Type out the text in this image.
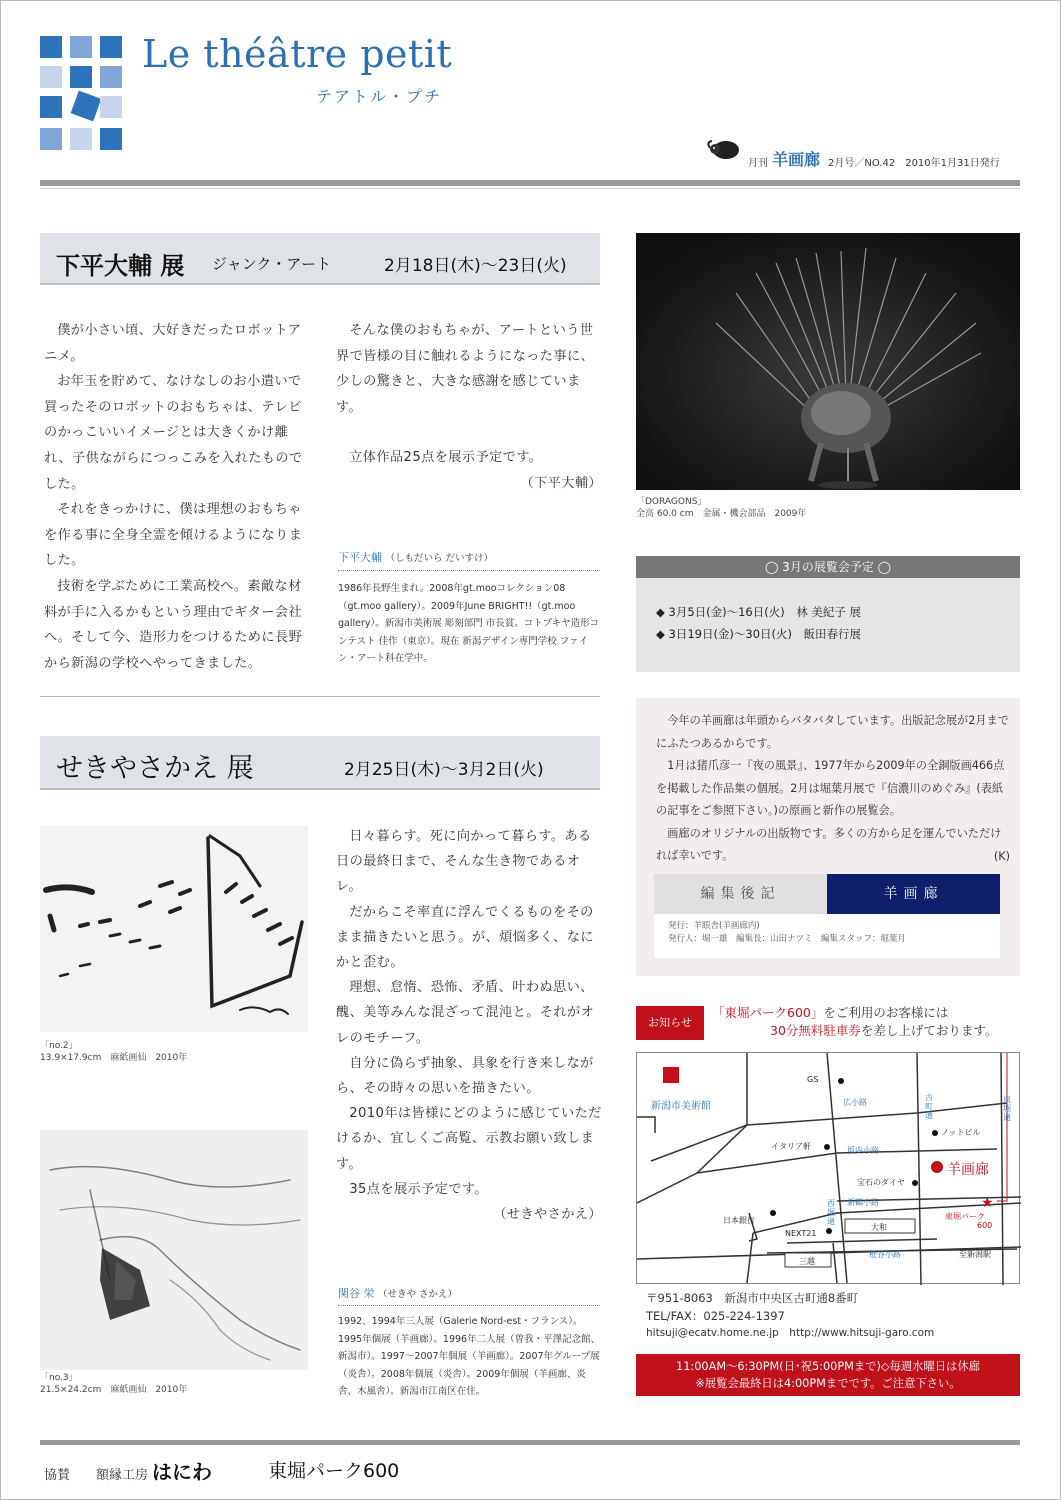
Le théâtre petit
テアトル・プチ
月刊 羊画廊 2月号／NO.42　2010年1月31日発行
下平大輔 展 ジャンク・アート	2月18日(木)〜23日(火)

僕が小さい頃、大好きだったロボットアニメ。

お年玉を貯めて、なけなしのお小遣いで買ったそのロボットのおもちゃは、テレビのかっこいいイメージとは大きくかけ離れ、子供ながらにつっこみを入れたものでした。

それをきっかけに、僕は理想のおもちゃを作る事に全身全霊を傾けるようになりました。

技術を学ぶために工業高校へ。素敵な材料が手に入るかもという理由でギター会社へ。そして今、造形力をつけるために長野から新潟の学校へやってきました。

そんな僕のおもちゃが、アートという世界で皆様の目に触れるようになった事に、少しの驚きと、大きな感謝を感じています。

立体作品25点を展示予定です。

（下平大輔）

下平大輔 （しもだいら だいすけ）
1986年長野生まれ。2008年gt.mooコレクション08（gt.moo gallery）。2009年June BRIGHT!!（gt.moo gallery）。新潟市美術展 彫刻部門 市長賞。コトブキヤ造形コンテスト 佳作（東京）。現在 新潟デザイン専門学校 ファイン・アート科在学中。
「DORAGONS」
全高 60.0 cm　金属・機会部品　2009年
◯ 3月の展覧会予定 ◯
◆ 3月5日(金)〜16日(火)　林 美紀子 展
◆ 3日19日(金)〜30日(火)　飯田春行展
せきやさかえ 展	2月25日(木)〜3月2日(火)
「no.2」
13.9×17.9cm　麻紙画仙　2010年
「no.3」
21.5×24.2cm　麻紙画仙　2010年

日々暮らす。死に向かって暮らす。ある日の最終日まで、そんな生き物であるオレ。

だからこそ率直に浮んでくるものをそのまま描きたいと思う。が、煩悩多く、なにかと歪む。

理想、怠惰、恐怖、矛盾、叶わぬ思い、醜、美等みんな混ざって混沌と。それがオレのモチーフ。

自分に偽らず抽象、具象を行き来しながら、その時々の思いを描きたい。

2010年は皆様にどのように感じていただけるか、宜しくご高覧、示教お願い致します。

35点を展示予定です。

（せきやさかえ）

関谷 栄 （せきや さかえ）
1992、1994年三人展（Galerie Nord-est・フランス）。1995年個展（羊画廊）。1996年二人展（曽我・平澤記念館、新潟市）。1997〜2007年個展（羊画廊）。2007年グループ展（炎舎）。2008年個展（炎舎）。2009年個展（羊画廊、炎舎、木風舎）。新潟市江南区在住。

今年の羊画廊は年頭からバタバタしています。出版記念展が2月までにふたつあるからです。

1月は猪爪彦一『夜の風景』、1977年から2009年の全銅版画466点を掲載した作品集の個展。2月は堀葉月展で『信濃川のめぐみ』(表紙の記事をご参照下さい。)の原画と新作の展覧会。

画廊のオリジナルの出版物です。多くの方から足を運んでいただければ幸いです。	(K)
編集後記	羊画廊
発行：羊眼舎(羊画廊内)
発行人：堀一雄　編集長：山田ナツミ　編集スタッフ：堀葉月
お知らせ
「東堀パーク600」をご利用のお客様には
30分無料駐車券を差し上げております。
★
新潟市美術館
GS
広小路
古町通
東堀通
ノットビル
イタリア軒	坂内小路
羊画廊
宝石のダイヤ
西堀通
新鶴小路
日本銀行
NEXT21
大和
東堀パーク
600
三越
柾谷小路	至新潟駅
〒951-8063　新潟市中央区古町通8番町
TEL/FAX：025-224-1397
hitsuji@ecatv.home.ne.jp　http://www.hitsuji-garo.com
11:00AM〜6:30PM(日･祝5:00PMまで)◇毎週水曜日は休廊
※展覧会最終日は4:00PMまでです。ご注意下さい。
協賛 額縁工房 はにわ	東堀パーク600
